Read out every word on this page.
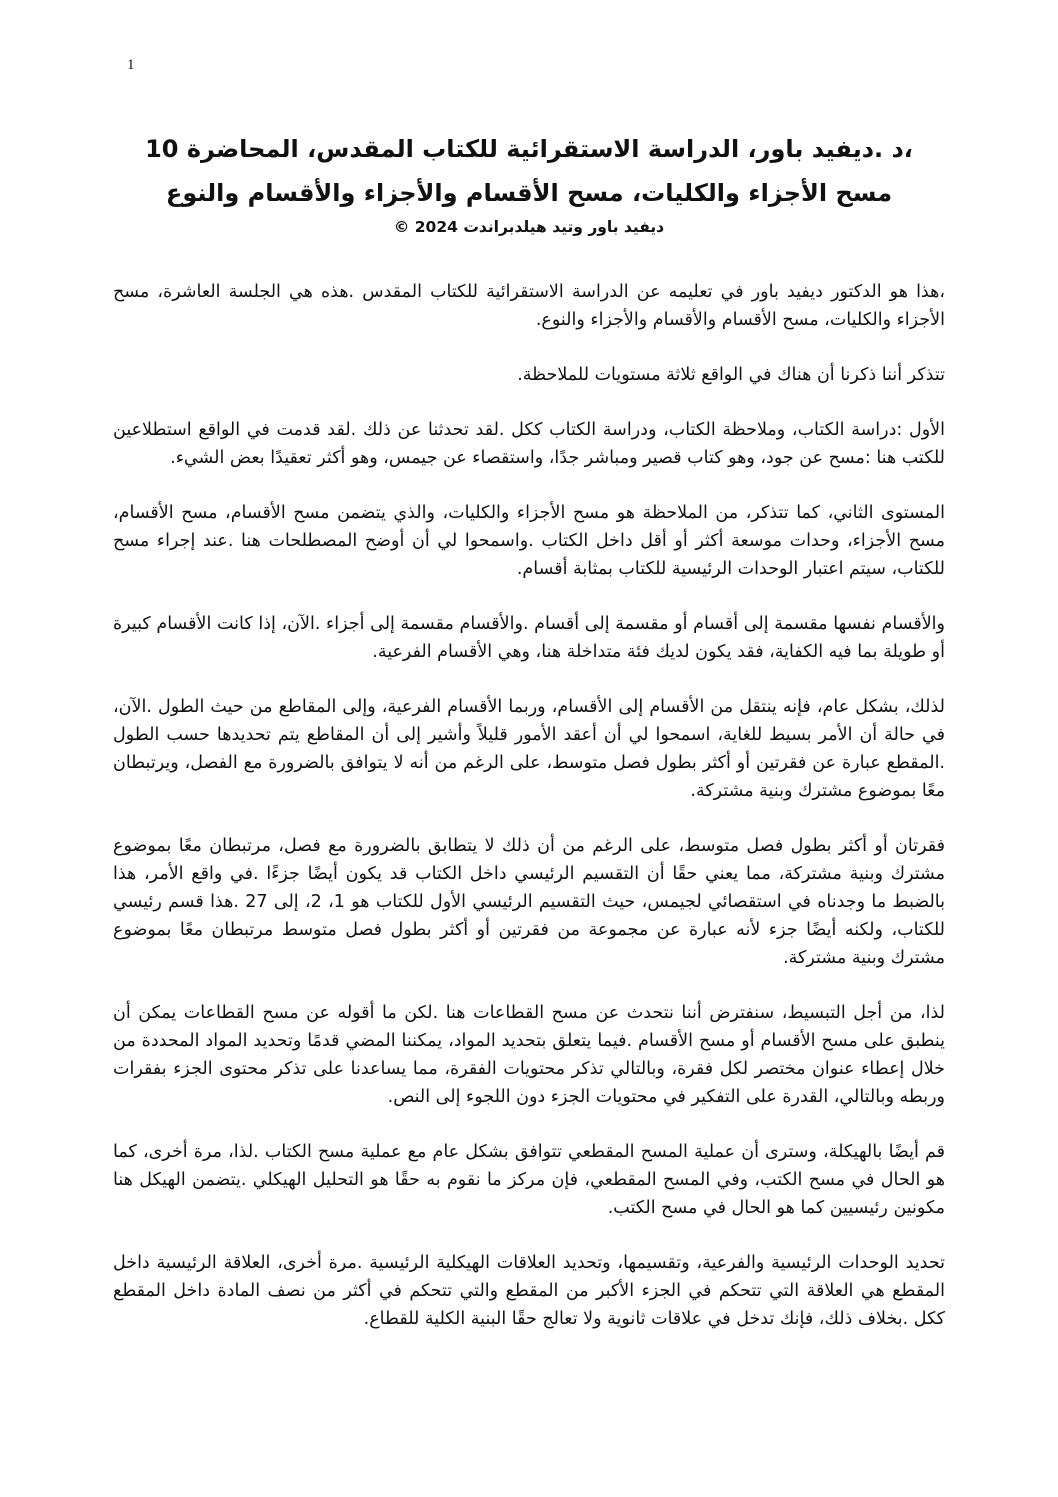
1
،د .ديفيد باور، الدراسة الاستقرائية للكتاب المقدس، المحاضرة 10
مسح الأجزاء والكليات، مسح الأقسام والأجزاء والأقسام والنوع
ديفيد باور وتيد هيلدبراندت © 2024

،هذا هو الدكتور ديفيد باور في تعليمه عن الدراسة الاستقرائية للكتاب المقدس .هذه هي الجلسة العاشرة، مسح الأجزاء والكليات، مسح الأقسام والأقسام والأجزاء والنوع.

تتذكر أننا ذكرنا أن هناك في الواقع ثلاثة مستويات للملاحظة.

الأول :دراسة الكتاب، وملاحظة الكتاب، ودراسة الكتاب ككل .لقد تحدثنا عن ذلك .لقد قدمت في الواقع استطلاعين للكتب هنا :مسح عن جود، وهو كتاب قصير ومباشر جدًا، واستقصاء عن جيمس، وهو أكثر تعقيدًا بعض الشيء.

المستوى الثاني، كما تتذكر، من الملاحظة هو مسح الأجزاء والكليات، والذي يتضمن مسح الأقسام، مسح الأقسام، مسح الأجزاء، وحدات موسعة أكثر أو أقل داخل الكتاب .واسمحوا لي أن أوضح المصطلحات هنا .عند إجراء مسح للكتاب، سيتم اعتبار الوحدات الرئيسية للكتاب بمثابة أقسام.

والأقسام نفسها مقسمة إلى أقسام أو مقسمة إلى أقسام .والأقسام مقسمة إلى أجزاء .الآن، إذا كانت الأقسام كبيرة أو طويلة بما فيه الكفاية، فقد يكون لديك فئة متداخلة هنا، وهي الأقسام الفرعية.

لذلك، بشكل عام، فإنه ينتقل من الأقسام إلى الأقسام، وربما الأقسام الفرعية، وإلى المقاطع من حيث الطول .الآن، في حالة أن الأمر بسيط للغاية، اسمحوا لي أن أعقد الأمور قليلاً وأشير إلى أن المقاطع يتم تحديدها حسب الطول .المقطع عبارة عن فقرتين أو أكثر بطول فصل متوسط، على الرغم من أنه لا يتوافق بالضرورة مع الفصل، ويرتبطان معًا بموضوع مشترك وبنية مشتركة.

فقرتان أو أكثر بطول فصل متوسط، على الرغم من أن ذلك لا يتطابق بالضرورة مع فصل، مرتبطان معًا بموضوع مشترك وبنية مشتركة، مما يعني حقًا أن التقسيم الرئيسي داخل الكتاب قد يكون أيضًا جزءًا .في واقع الأمر، هذا بالضبط ما وجدناه في استقصائي لجيمس، حيث التقسيم الرئيسي الأول للكتاب هو 1، 2، إلى 27 .هذا قسم رئيسي للكتاب، ولكنه أيضًا جزء لأنه عبارة عن مجموعة من فقرتين أو أكثر بطول فصل متوسط مرتبطان معًا بموضوع مشترك وبنية مشتركة.

لذا، من أجل التبسيط، سنفترض أننا نتحدث عن مسح القطاعات هنا .لكن ما أقوله عن مسح القطاعات يمكن أن ينطبق على مسح الأقسام أو مسح الأقسام .فيما يتعلق بتحديد المواد، يمكننا المضي قدمًا وتحديد المواد المحددة من خلال إعطاء عنوان مختصر لكل فقرة، وبالتالي تذكر محتويات الفقرة، مما يساعدنا على تذكر محتوى الجزء بفقرات وربطه وبالتالي، القدرة على التفكير في محتويات الجزء دون اللجوء إلى النص.

قم أيضًا بالهيكلة، وسترى أن عملية المسح المقطعي تتوافق بشكل عام مع عملية مسح الكتاب .لذا، مرة أخرى، كما هو الحال في مسح الكتب، وفي المسح المقطعي، فإن مركز ما نقوم به حقًا هو التحليل الهيكلي .يتضمن الهيكل هنا مكونين رئيسيين كما هو الحال في مسح الكتب.

تحديد الوحدات الرئيسية والفرعية، وتقسيمها، وتحديد العلاقات الهيكلية الرئيسية .مرة أخرى، العلاقة الرئيسية داخل المقطع هي العلاقة التي تتحكم في الجزء الأكبر من المقطع والتي تتحكم في أكثر من نصف المادة داخل المقطع ككل .بخلاف ذلك، فإنك تدخل في علاقات ثانوية ولا تعالج حقًا البنية الكلية للقطاع.
